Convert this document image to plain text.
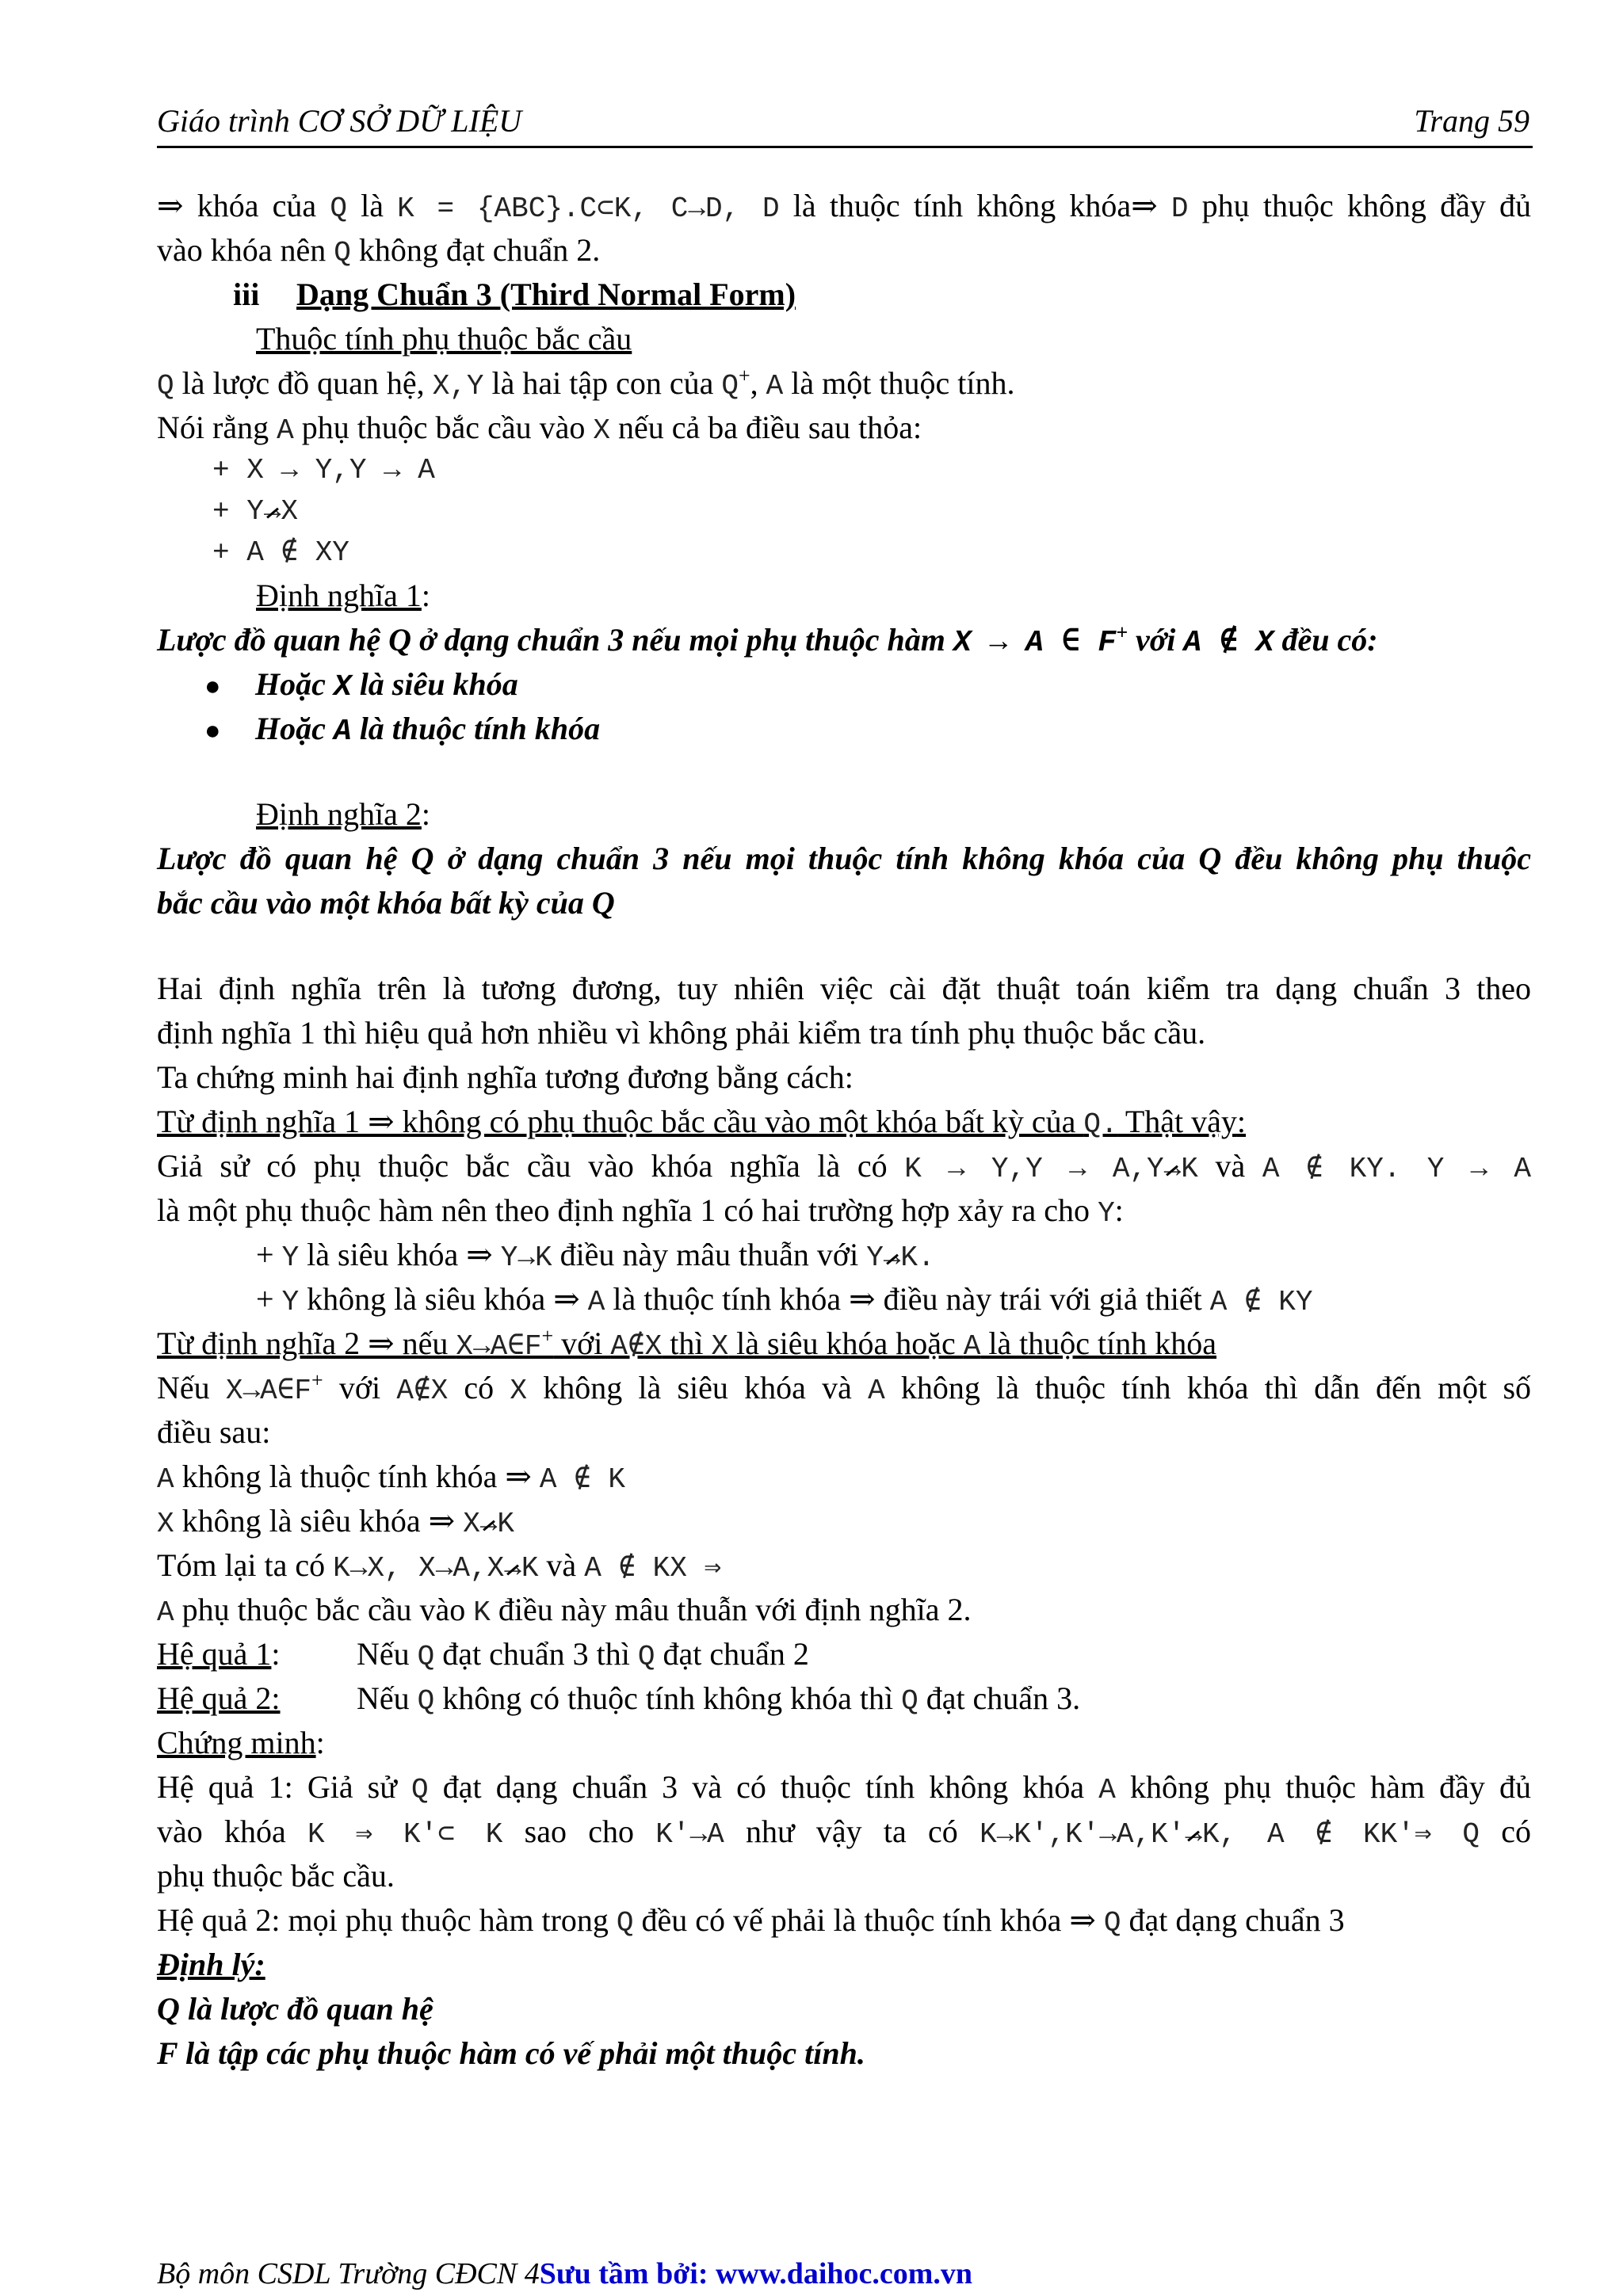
Giáo trình CƠ SỞ DỮ LIỆU	Trang 59
⇒ khóa của Q là K = {ABC}.C⊂K, C→D, D là thuộc tính không khóa⇒ D phụ thuộc không đầy đủ
vào khóa nên Q không đạt chuẩn 2.
iii Dạng Chuẩn 3 (Third Normal Form)
Thuộc tính phụ thuộc bắc cầu
Q là lược đồ quan hệ, X,Y là hai tập con của Q+, A là một thuộc tính.
Nói rằng A phụ thuộc bắc cầu vào X nếu cả ba điều sau thỏa:
+ X → Y,Y → A
+ Y→X
+ A ∉ XY
Định nghĩa 1:
Lược đồ quan hệ Q ở dạng chuẩn 3 nếu mọi phụ thuộc hàm X → A ∈ F+ với A ∉ X đều có:
● Hoặc X là siêu khóa
● Hoặc A là thuộc tính khóa
Định nghĩa 2:
Lược đồ quan hệ Q ở dạng chuẩn 3 nếu mọi thuộc tính không khóa của Q đều không phụ thuộc
bắc cầu vào một khóa bất kỳ của Q
Hai định nghĩa trên là tương đương, tuy nhiên việc cài đặt thuật toán kiểm tra dạng chuẩn 3 theo
định nghĩa 1 thì hiệu quả hơn nhiều vì không phải kiểm tra tính phụ thuộc bắc cầu.
Ta chứng minh hai định nghĩa tương đương bằng cách:
Từ định nghĩa 1 ⇒ không có phụ thuộc bắc cầu vào một khóa bất kỳ của Q. Thật vậy:
Giả sử có phụ thuộc bắc cầu vào khóa nghĩa là có K → Y,Y → A,Y→K và A ∉ KY. Y → A
là một phụ thuộc hàm nên theo định nghĩa 1 có hai trường hợp xảy ra cho Y:
+ Y là siêu khóa ⇒ Y→K điều này mâu thuẫn với Y→K.
+ Y không là siêu khóa ⇒ A là thuộc tính khóa ⇒ điều này trái với giả thiết A ∉ KY
Từ định nghĩa 2 ⇒ nếu X→A∈F+ với A∉X thì X là siêu khóa hoặc A là thuộc tính khóa
Nếu X→A∈F+ với A∉X có X không là siêu khóa và A không là thuộc tính khóa thì dẫn đến một số
điều sau:
A không là thuộc tính khóa ⇒ A ∉ K
X không là siêu khóa ⇒ X→K
Tóm lại ta có K→X, X→A,X→K và A ∉ KX ⇒
A phụ thuộc bắc cầu vào K điều này mâu thuẫn với định nghĩa 2.
Hệ quả 1: Nếu Q đạt chuẩn 3 thì Q đạt chuẩn 2
Hệ quả 2: Nếu Q không có thuộc tính không khóa thì Q đạt chuẩn 3.
Chứng minh:
Hệ quả 1: Giả sử Q đạt dạng chuẩn 3 và có thuộc tính không khóa A không phụ thuộc hàm đầy đủ
vào khóa K ⇒ K'⊂ K sao cho K'→A như vậy ta có K→K',K'→A,K'→K, A ∉ KK'⇒ Q có
phụ thuộc bắc cầu.
Hệ quả 2: mọi phụ thuộc hàm trong Q đều có vế phải là thuộc tính khóa ⇒ Q đạt dạng chuẩn 3
Định lý:
Q là lược đồ quan hệ
F là tập các phụ thuộc hàm có vế phải một thuộc tính.
Bộ môn CSDL Trường CĐCN 4Sưu tầm bởi: www.daihoc.com.vn
